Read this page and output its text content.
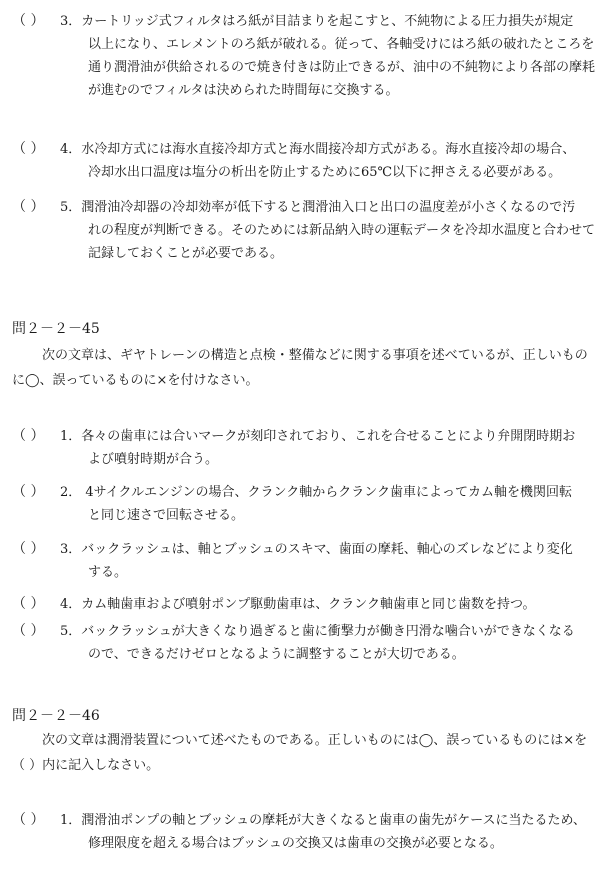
（ ） 3．カートリッジ式フィルタはろ紙が目詰まりを起こすと、不純物による圧力損失が規定
以上になり、エレメントのろ紙が破れる。従って、各軸受けにはろ紙の破れたところを
通り潤滑油が供給されるので焼き付きは防止できるが、油中の不純物により各部の摩耗
が進むのでフィルタは決められた時間毎に交換する。
（ ） 4．水冷却方式には海水直接冷却方式と海水間接冷却方式がある。海水直接冷却の場合、
冷却水出口温度は塩分の析出を防止するために65℃以下に押さえる必要がある。
（ ） 5．潤滑油冷却器の冷却効率が低下すると潤滑油入口と出口の温度差が小さくなるので汚
れの程度が判断できる。そのためには新品納入時の運転データを冷却水温度と合わせて
記録しておくことが必要である。
問２－２－45
次の文章は、ギヤトレーンの構造と点検・整備などに関する事項を述べているが、正しいもの
に◯、誤っているものに×を付けなさい。
（ ） 1．各々の歯車には合いマークが刻印されており、これを合せることにより弁開閉時期お
よび噴射時期が合う。
（ ） 2． 4サイクルエンジンの場合、クランク軸からクランク歯車によってカム軸を機関回転
と同じ速さで回転させる。
（ ） 3．バックラッシュは、軸とブッシュのスキマ、歯面の摩耗、軸心のズレなどにより変化
する。
（ ） 4．カム軸歯車および噴射ポンプ駆動歯車は、クランク軸歯車と同じ歯数を持つ。
（ ） 5．バックラッシュが大きくなり過ぎると歯に衝撃力が働き円滑な噛合いができなくなる
ので、できるだけゼロとなるように調整することが大切である。
問２－２－46
次の文章は潤滑装置について述べたものである。正しいものには◯、誤っているものには×を
（ ）内に記入しなさい。
（ ） 1．潤滑油ポンプの軸とブッシュの摩耗が大きくなると歯車の歯先がケースに当たるため、
修理限度を超える場合はブッシュの交換又は歯車の交換が必要となる。
